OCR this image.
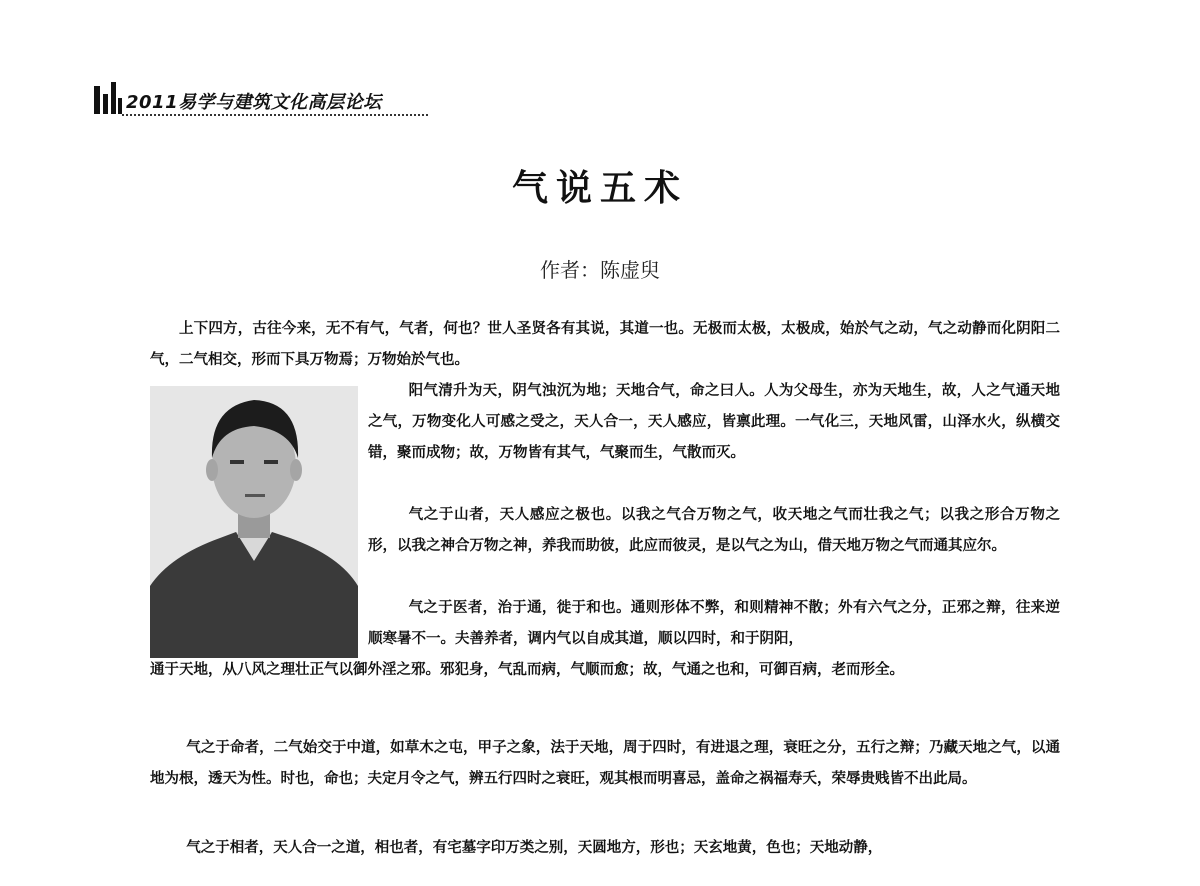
2011易学与建筑文化高层论坛
气说五术
作者：陈虚臾

上下四方，古往今来，无不有气，气者，何也？世人圣贤各有其说，其道一也。无极而太极，太极成，始於气之动，气之动静而化阴阳二气，二气相交，形而下具万物焉；万物始於气也。

阳气清升为天，阴气浊沉为地；天地合气，命之曰人。人为父母生，亦为天地生，故，人之气通天地之气，万物变化人可感之受之，天人合一，天人感应，皆禀此理。一气化三，天地风雷，山泽水火，纵横交错，聚而成物；故，万物皆有其气，气聚而生，气散而灭。

气之于山者，天人感应之极也。以我之气合万物之气，收天地之气而壮我之气；以我之形合万物之形，以我之神合万物之神，养我而助彼，此应而彼灵，是以气之为山，借天地万物之气而通其应尔。

气之于医者，治于通，徙于和也。通则形体不弊，和则精神不散；外有六气之分，正邪之辩，往来逆顺寒暑不一。夫善养者，调内气以自成其道，顺以四时，和于阴阳，

通于天地，从八风之理壮正气以御外淫之邪。邪犯身，气乱而病，气顺而愈；故，气通之也和，可御百病，老而形全。

气之于命者，二气始交于中道，如草木之屯，甲子之象，法于天地，周于四时，有进退之理，衰旺之分，五行之辩；乃藏天地之气，以通地为根，透天为性。时也，命也；夫定月令之气，辨五行四时之衰旺，观其根而明喜忌，盖命之祸福寿夭，荣辱贵贱皆不出此局。

气之于相者，天人合一之道，相也者，有宅墓字印万类之别，天圆地方，形也；天玄地黄，色也；天地动静，
